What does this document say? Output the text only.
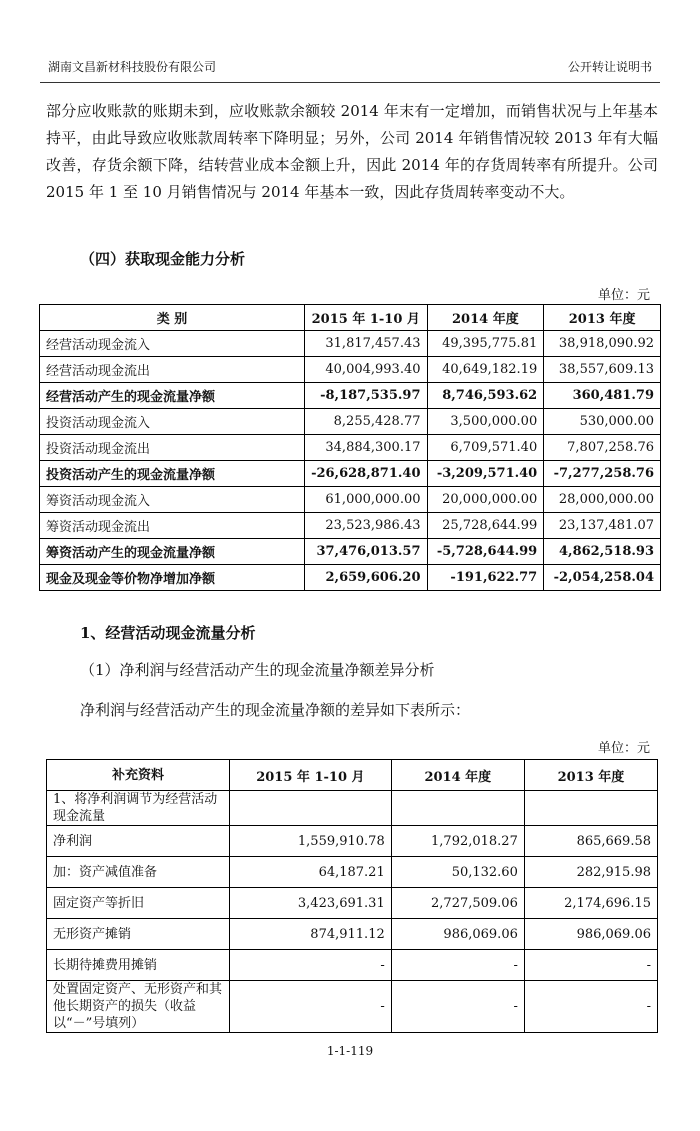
湖南文昌新材科技股份有限公司	公开转让说明书

部分应收账款的账期未到，应收账款余额较 2014 年末有一定增加，而销售状况与上年基本持平，由此导致应收账款周转率下降明显；另外，公司 2014 年销售情况较 2013 年有大幅改善，存货余额下降，结转营业成本金额上升，因此 2014 年的存货周转率有所提升。公司 2015 年 1 至 10 月销售情况与 2014 年基本一致，因此存货周转率变动不大。

（四）获取现金能力分析

单位：元
类 别	2015 年 1-10 月	2014 年度	2013 年度
经营活动现金流入	31,817,457.43	49,395,775.81	38,918,090.92
经营活动现金流出	40,004,993.40	40,649,182.19	38,557,609.13
经营活动产生的现金流量净额	-8,187,535.97	8,746,593.62	360,481.79
投资活动现金流入	8,255,428.77	3,500,000.00	530,000.00
投资活动现金流出	34,884,300.17	6,709,571.40	7,807,258.76
投资活动产生的现金流量净额	-26,628,871.40	-3,209,571.40	-7,277,258.76
筹资活动现金流入	61,000,000.00	20,000,000.00	28,000,000.00
筹资活动现金流出	23,523,986.43	25,728,644.99	23,137,481.07
筹资活动产生的现金流量净额	37,476,013.57	-5,728,644.99	4,862,518.93
现金及现金等价物净增加净额	2,659,606.20	-191,622.77	-2,054,258.04

1、经营活动现金流量分析

（1）净利润与经营活动产生的现金流量净额差异分析

净利润与经营活动产生的现金流量净额的差异如下表所示：

单位：元
补充资料	2015 年 1-10 月	2014 年度	2013 年度
1、将净利润调节为经营活动现金流量			
净利润	1,559,910.78	1,792,018.27	865,669.58
加：资产减值准备	64,187.21	50,132.60	282,915.98
固定资产等折旧	3,423,691.31	2,727,509.06	2,174,696.15
无形资产摊销	874,911.12	986,069.06	986,069.06
长期待摊费用摊销	-	-	-
处置固定资产、无形资产和其他长期资产的损失（收益以“－”号填列）	-	-	-
1-1-119
